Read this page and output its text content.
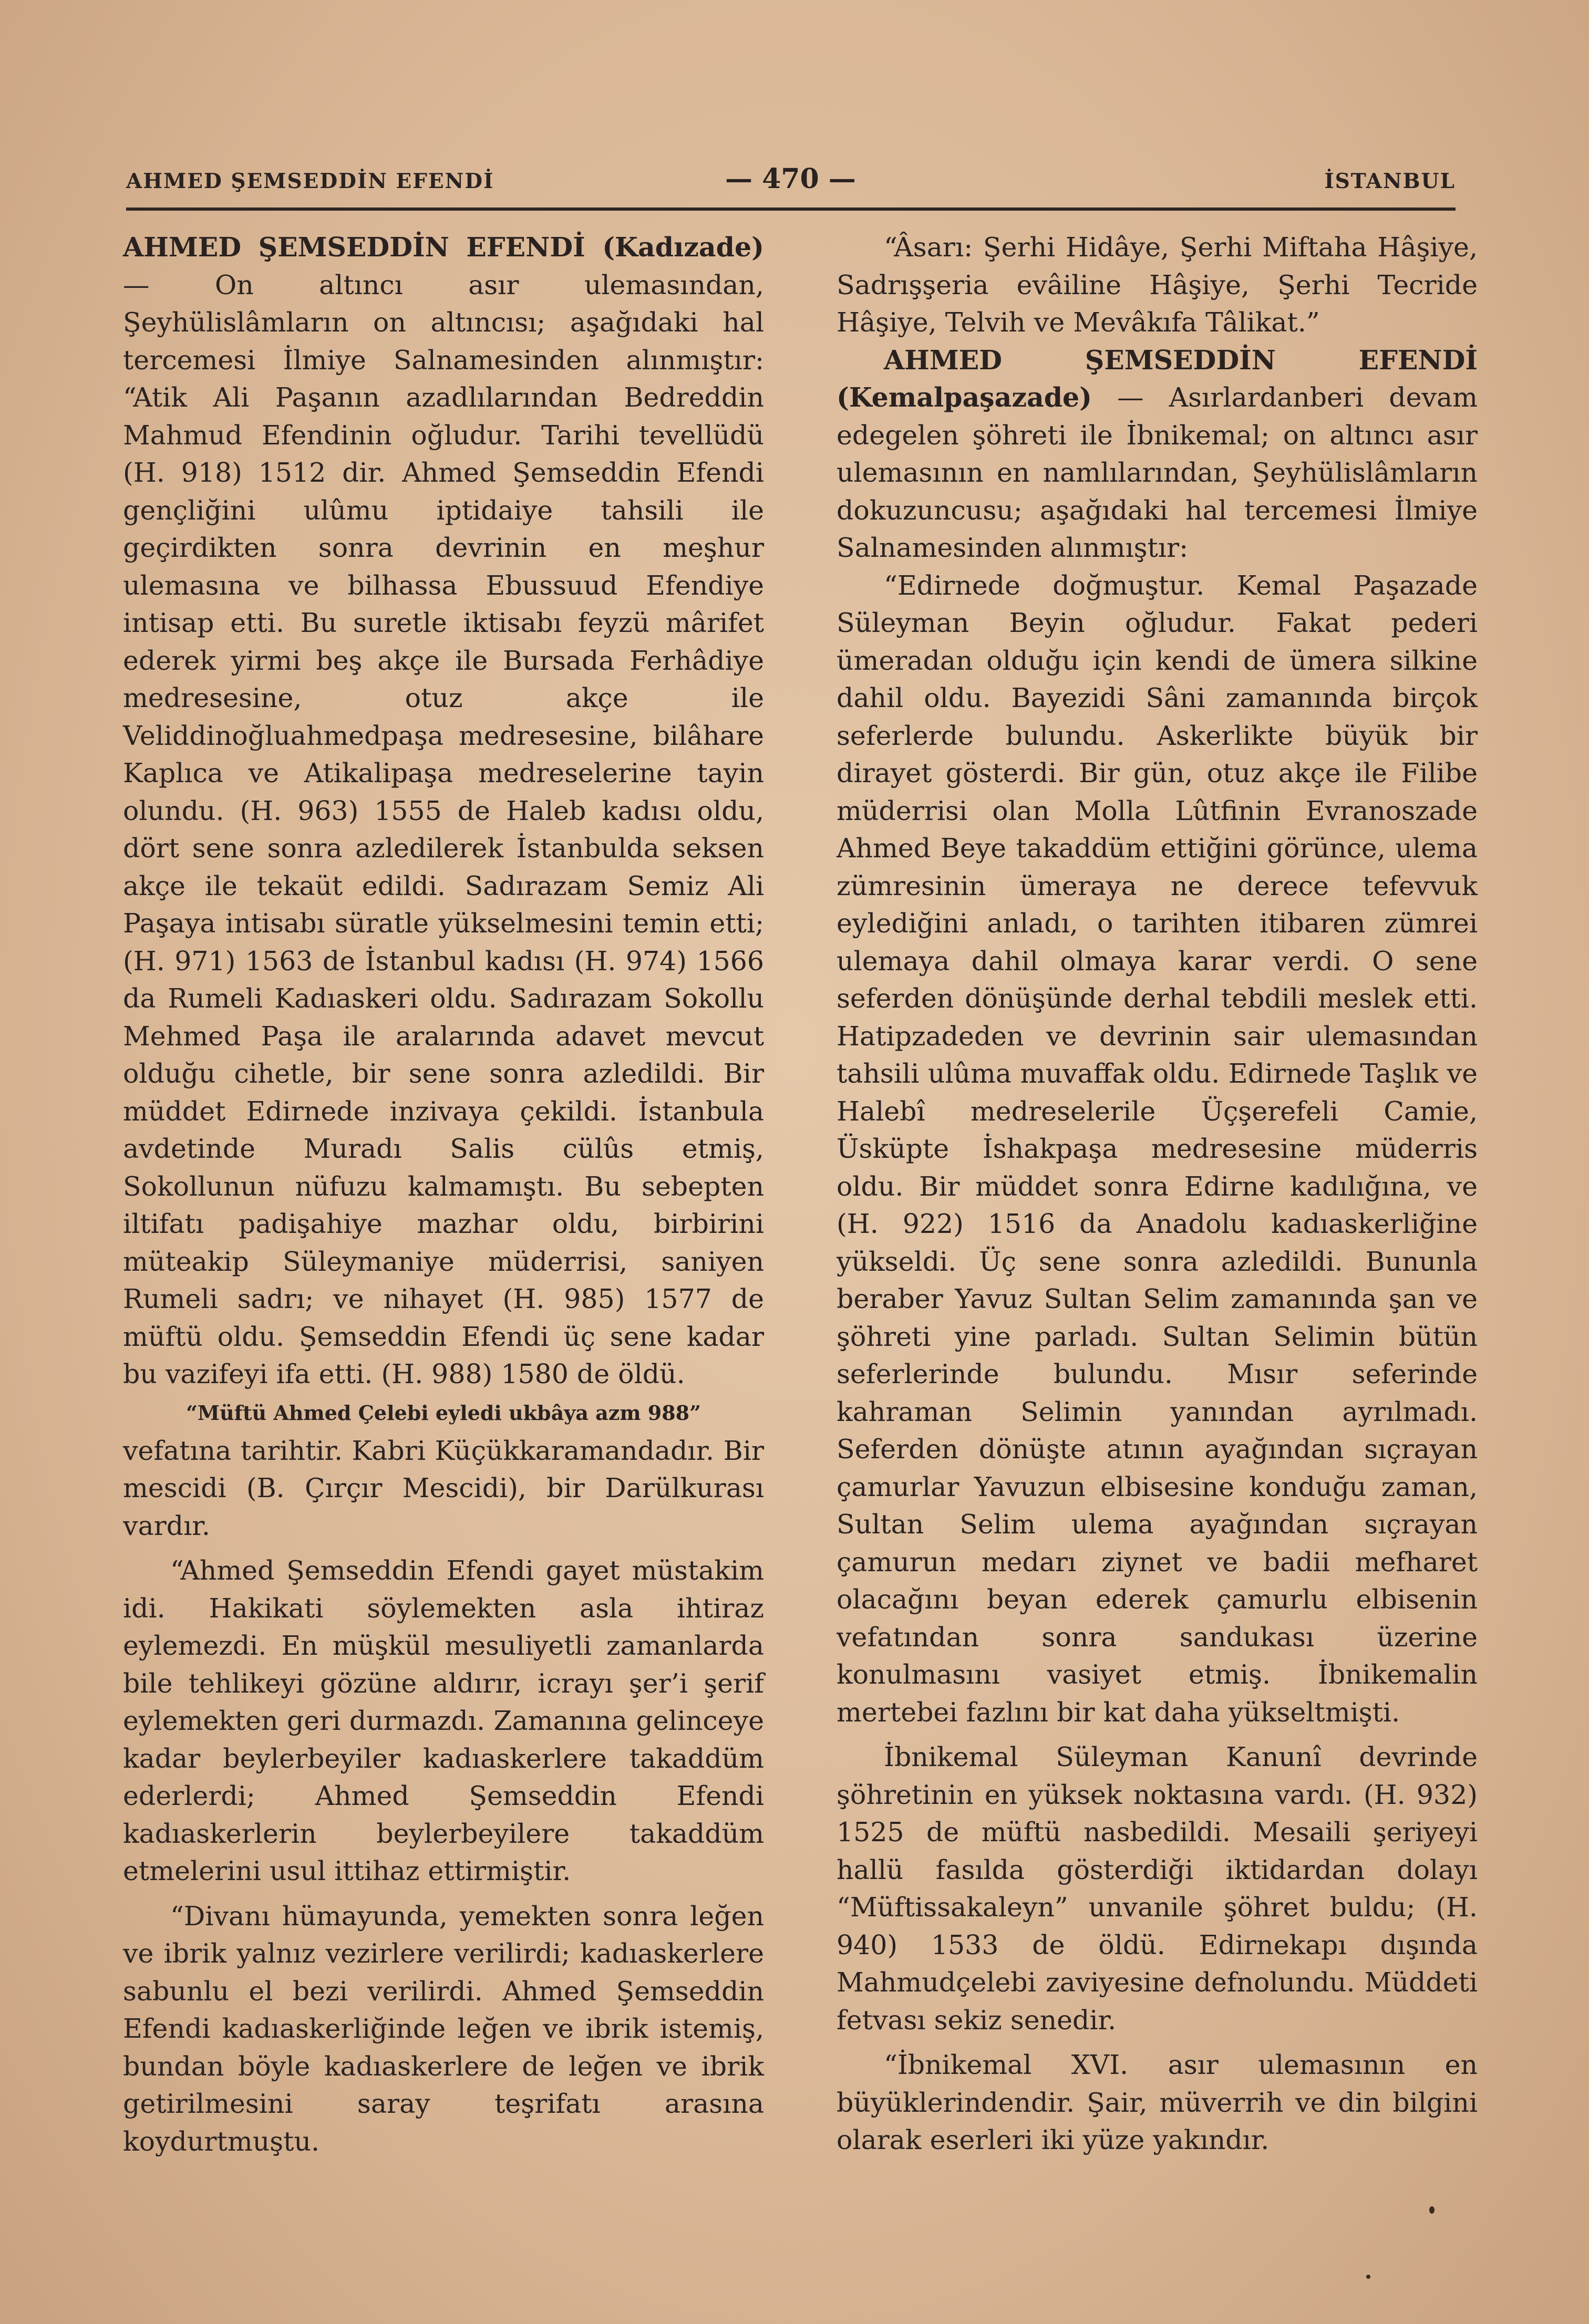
AHMED ŞEMSEDDİN EFENDİ	— 470 —	İSTANBUL

AHMED ŞEMSEDDİN EFENDİ (Kadızade) — On altıncı asır ulemasından, Şeyhülislâmların on altıncısı; aşağıdaki hal tercemesi İlmiye Salnamesinden alınmıştır: “Atik Ali Paşanın azadlılarından Bedreddin Mahmud Efendinin oğludur. Tarihi tevellüdü (H. 918) 1512 dir. Ahmed Şemseddin Efendi gençliğini ulûmu iptidaiye tahsili ile geçirdikten sonra devrinin en meşhur ulemasına ve bilhassa Ebussuud Efendiye intisap etti. Bu suretle iktisabı feyzü mârifet ederek yirmi beş akçe ile Bursada Ferhâdiye medresesine, otuz akçe ile Veliddinoğluahmedpaşa medresesine, bilâhare Kaplıca ve Atikalipaşa medreselerine tayin olundu. (H. 963) 1555 de Haleb kadısı oldu, dört sene sonra azledilerek İstanbulda seksen akçe ile tekaüt edildi. Sadırazam Semiz Ali Paşaya intisabı süratle yükselmesini temin etti; (H. 971) 1563 de İstanbul kadısı (H. 974) 1566 da Rumeli Kadıaskeri oldu. Sadırazam Sokollu Mehmed Paşa ile aralarında adavet mevcut olduğu cihetle, bir sene sonra azledildi. Bir müddet Edirnede inzivaya çekildi. İstanbula avdetinde Muradı Salis cülûs etmiş, Sokollunun nüfuzu kalmamıştı. Bu sebepten iltifatı padişahiye mazhar oldu, birbirini müteakip Süleymaniye müderrisi, saniyen Rumeli sadrı; ve nihayet (H. 985) 1577 de müftü oldu. Şemseddin Efendi üç sene kadar bu vazifeyi ifa etti. (H. 988) 1580 de öldü.

“Müftü Ahmed Çelebi eyledi ukbâya azm 988”

vefatına tarihtir. Kabri Küçükkaramandadır. Bir mescidi (B. Çırçır Mescidi), bir Darülkurası vardır.

“Ahmed Şemseddin Efendi gayet müstakim idi. Hakikati söylemekten asla ihtiraz eylemezdi. En müşkül mesuliyetli zamanlarda bile tehlikeyi gözüne aldırır, icrayı şer’i şerif eylemekten geri durmazdı. Zamanına gelinceye kadar beylerbeyiler kadıaskerlere takaddüm ederlerdi; Ahmed Şemseddin Efendi kadıaskerlerin beylerbeyilere takaddüm etmelerini usul ittihaz ettirmiştir.

“Divanı hümayunda, yemekten sonra leğen ve ibrik yalnız vezirlere verilirdi; kadıaskerlere sabunlu el bezi verilirdi. Ahmed Şemseddin Efendi kadıaskerliğinde leğen ve ibrik istemiş, bundan böyle kadıaskerlere de leğen ve ibrik getirilmesini saray teşrifatı arasına koydurtmuştu.

“Âsarı: Şerhi Hidâye, Şerhi Miftaha Hâşiye, Sadrışşeria evâiline Hâşiye, Şerhi Tecride Hâşiye, Telvih ve Mevâkıfa Tâlikat.”

AHMED ŞEMSEDDİN EFENDİ (Kemalpaşazade) — Asırlardanberi devam edegelen şöhreti ile İbnikemal; on altıncı asır ulemasının en namlılarından, Şeyhülislâmların dokuzuncusu; aşağıdaki hal tercemesi İlmiye Salnamesinden alınmıştır:

“Edirnede doğmuştur. Kemal Paşazade Süleyman Beyin oğludur. Fakat pederi ümeradan olduğu için kendi de ümera silkine dahil oldu. Bayezidi Sâni zamanında birçok seferlerde bulundu. Askerlikte büyük bir dirayet gösterdi. Bir gün, otuz akçe ile Filibe müderrisi olan Molla Lûtfinin Evranoszade Ahmed Beye takaddüm ettiğini görünce, ulema zümresinin ümeraya ne derece tefevvuk eylediğini anladı, o tarihten itibaren zümrei ulemaya dahil olmaya karar verdi. O sene seferden dönüşünde derhal tebdili meslek etti. Hatipzadeden ve devrinin sair ulemasından tahsili ulûma muvaffak oldu. Edirnede Taşlık ve Halebî medreselerile Üçşerefeli Camie, Üsküpte İshakpaşa medresesine müderris oldu. Bir müddet sonra Edirne kadılığına, ve (H. 922) 1516 da Anadolu kadıaskerliğine yükseldi. Üç sene sonra azledildi. Bununla beraber Yavuz Sultan Selim zamanında şan ve şöhreti yine parladı. Sultan Selimin bütün seferlerinde bulundu. Mısır seferinde kahraman Selimin yanından ayrılmadı. Seferden dönüşte atının ayağından sıçrayan çamurlar Yavuzun elbisesine konduğu zaman, Sultan Selim ulema ayağından sıçrayan çamurun medarı ziynet ve badii mefharet olacağını beyan ederek çamurlu elbisenin vefatından sonra sandukası üzerine konulmasını vasiyet etmiş. İbnikemalin mertebei fazlını bir kat daha yükseltmişti.

İbnikemal Süleyman Kanunî devrinde şöhretinin en yüksek noktasına vardı. (H. 932) 1525 de müftü nasbedildi. Mesaili şeriyeyi hallü fasılda gösterdiği iktidardan dolayı “Müftissakaleyn” unvanile şöhret buldu; (H. 940) 1533 de öldü. Edirnekapı dışında Mahmudçelebi zaviyesine defnolundu. Müddeti fetvası sekiz senedir.

“İbnikemal XVI. asır ulemasının en büyüklerindendir. Şair, müverrih ve din bilgini olarak eserleri iki yüze yakındır.
